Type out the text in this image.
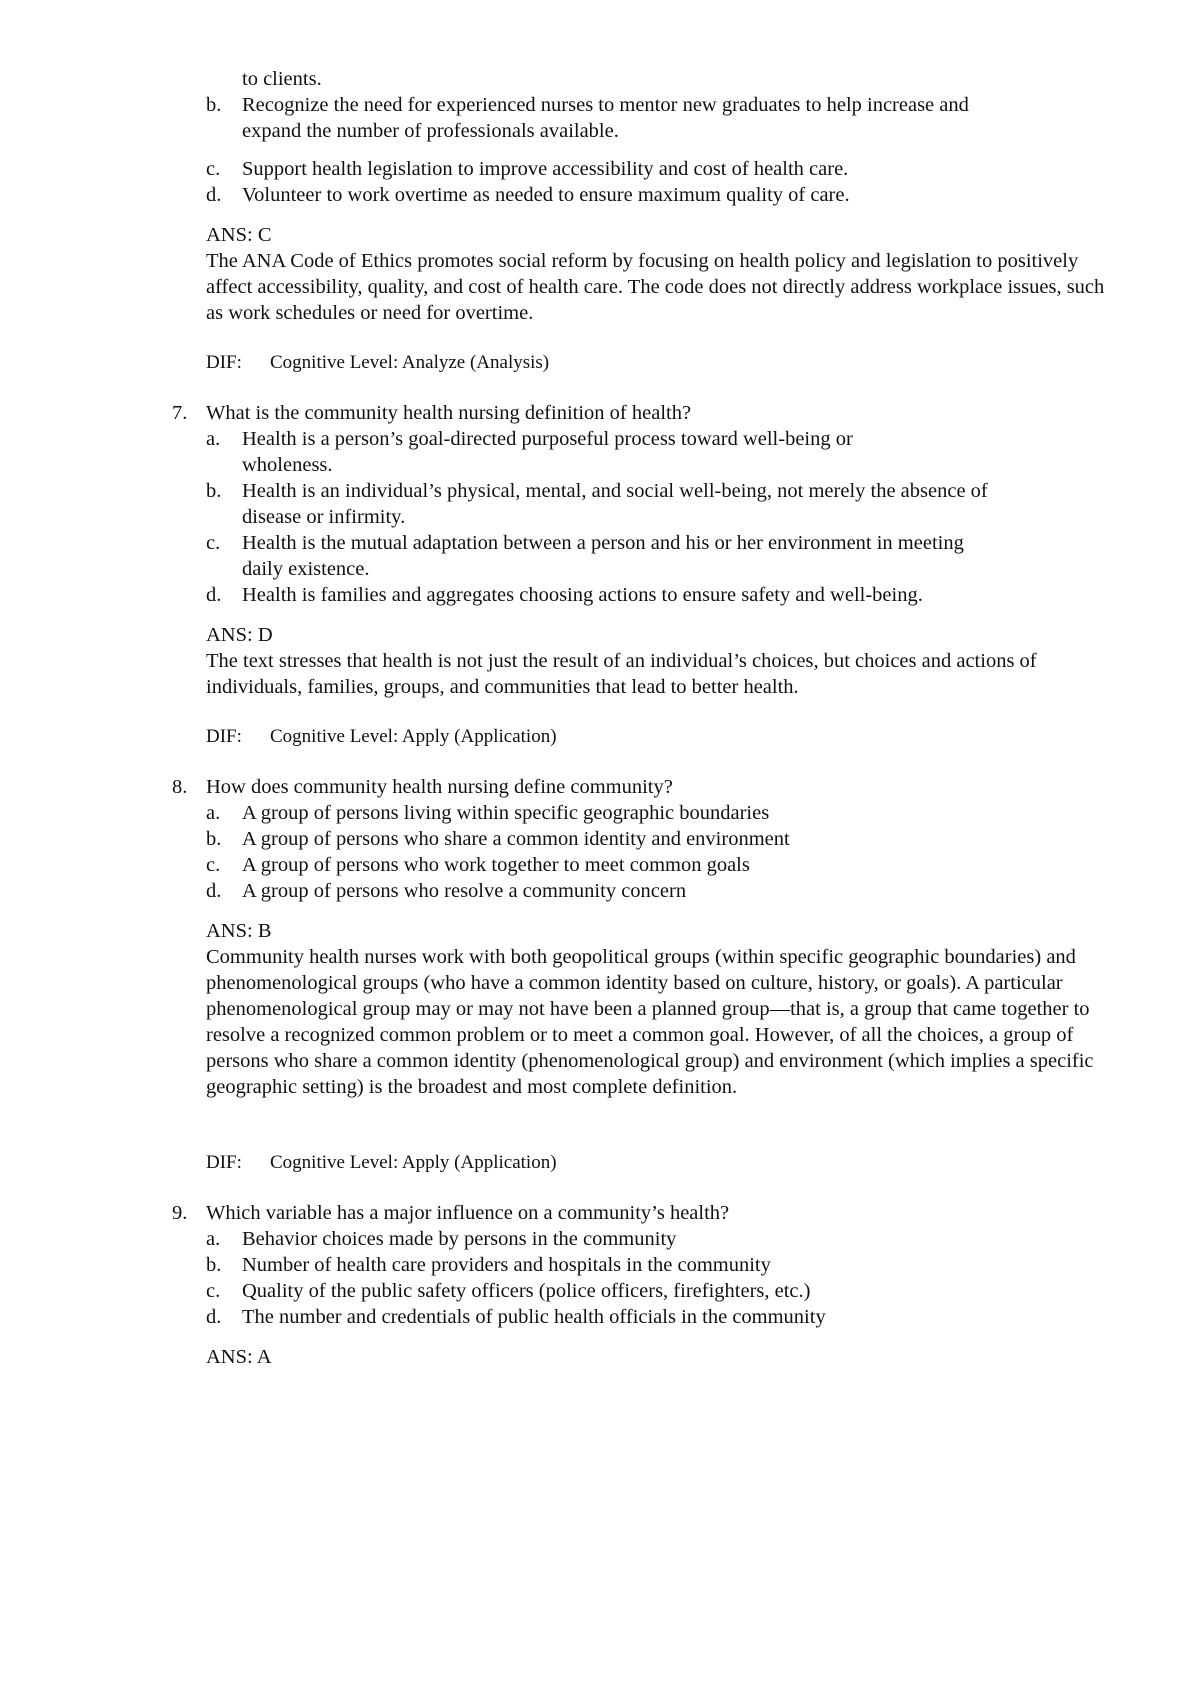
to clients.
b.	Recognize the need for experienced nurses to mentor new graduates to help increase and expand the number of professionals available.
c.	Support health legislation to improve accessibility and cost of health care.
d.	Volunteer to work overtime as needed to ensure maximum quality of care.
ANS: C
The ANA Code of Ethics promotes social reform by focusing on health policy and legislation to positively affect accessibility, quality, and cost of health care. The code does not directly address workplace issues, such as work schedules or need for overtime.
DIF: Cognitive Level: Analyze (Analysis)
7. What is the community health nursing definition of health?
a.	Health is a person’s goal-directed purposeful process toward well-being or wholeness.
b.	Health is an individual’s physical, mental, and social well-being, not merely the absence of disease or infirmity.
c.	Health is the mutual adaptation between a person and his or her environment in meeting daily existence.
d.	Health is families and aggregates choosing actions to ensure safety and well-being.
ANS: D
The text stresses that health is not just the result of an individual’s choices, but choices and actions of individuals, families, groups, and communities that lead to better health.
DIF: Cognitive Level: Apply (Application)
8. How does community health nursing define community?
a.	A group of persons living within specific geographic boundaries
b.	A group of persons who share a common identity and environment
c.	A group of persons who work together to meet common goals
d.	A group of persons who resolve a community concern
ANS: B
Community health nurses work with both geopolitical groups (within specific geographic boundaries) and phenomenological groups (who have a common identity based on culture, history, or goals). A particular phenomenological group may or may not have been a planned group—that is, a group that came together to resolve a recognized common problem or to meet a common goal. However, of all the choices, a group of persons who share a common identity (phenomenological group) and environment (which implies a specific geographic setting) is the broadest and most complete definition.
DIF: Cognitive Level: Apply (Application)
9. Which variable has a major influence on a community’s health?
a.	Behavior choices made by persons in the community
b.	Number of health care providers and hospitals in the community
c.	Quality of the public safety officers (police officers, firefighters, etc.)
d.	The number and credentials of public health officials in the community
ANS: A
